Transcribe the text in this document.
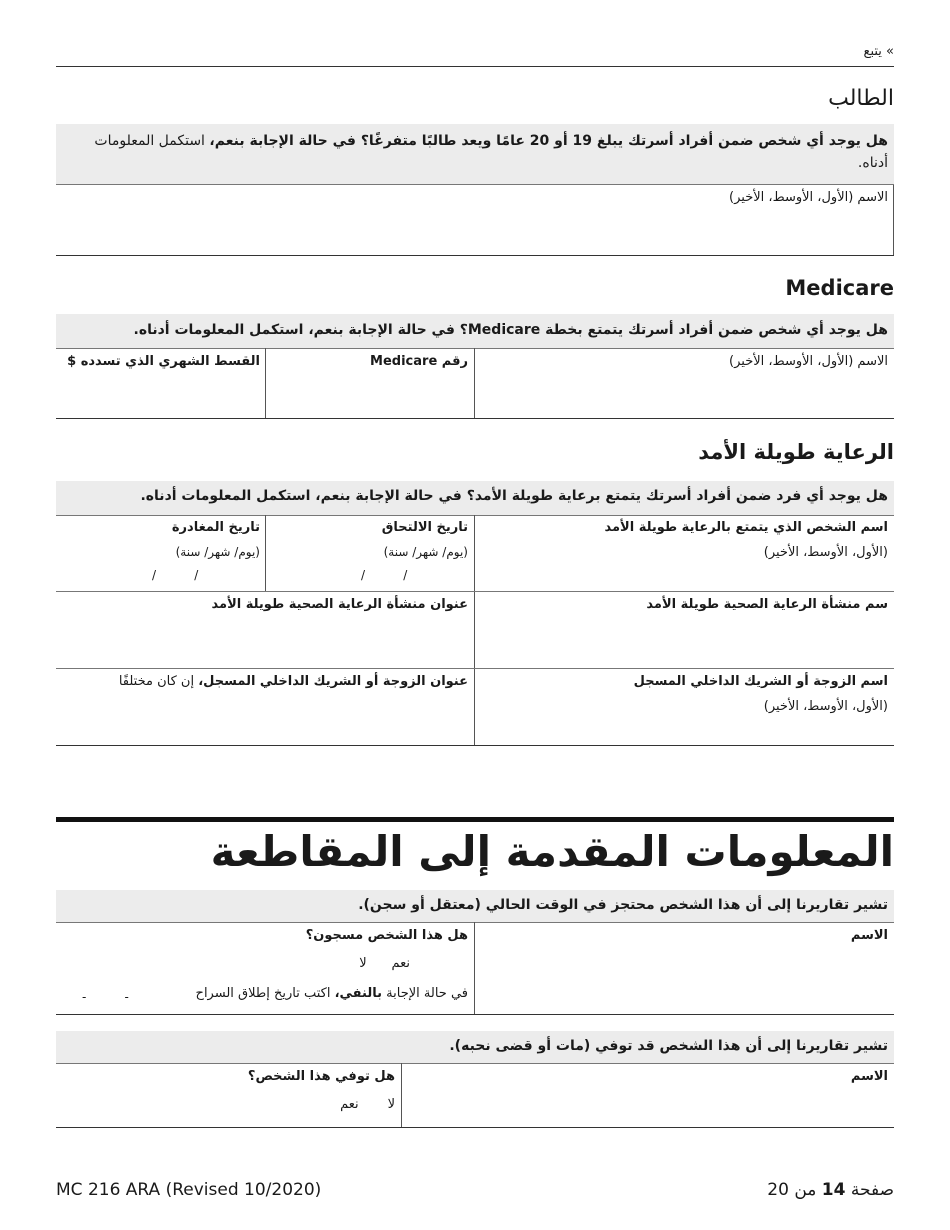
» يتبع
الطالب
هل يوجد أي شخص ضمن أفراد أسرتك يبلغ 19 أو 20 عامًا ويعد طالبًا متفرغًا؟ في حالة الإجابة بنعم، استكمل المعلومات أدناه.
الاسم (الأول، الأوسط، الأخير)
Medicare
هل يوجد أي شخص ضمن أفراد أسرتك يتمتع بخطة Medicare؟ في حالة الإجابة بنعم، استكمل المعلومات أدناه.
الاسم (الأول، الأوسط، الأخير)
رقم Medicare
القسط الشهري الذي تسدده $
الرعاية طويلة الأمد
هل يوجد أي فرد ضمن أفراد أسرتك يتمتع برعاية طويلة الأمد؟ في حالة الإجابة بنعم، استكمل المعلومات أدناه.
اسم الشخص الذي يتمتع بالرعاية طويلة الأمد
(الأول، الأوسط، الأخير)
تاريخ الالتحاق
(يوم/ شهر/ سنة)
/          /
تاريخ المغادرة
(يوم/ شهر/ سنة)
/          /
سم منشأة الرعاية الصحية طويلة الأمد
عنوان منشأة الرعاية الصحية طويلة الأمد
اسم الزوجة أو الشريك الداخلي المسجل
(الأول، الأوسط، الأخير)
عنوان الزوجة أو الشريك الداخلي المسجل، إن كان مختلفًا
المعلومات المقدمة إلى المقاطعة
تشير تقاريرنا إلى أن هذا الشخص محتجز في الوقت الحالي (معتقل أو سجن).
الاسم
هل هذا الشخص مسجون؟
نعم      لا
في حالة الإجابة بالنفي، اكتب تاريخ إطلاق السراح
-          -
تشير تقاريرنا إلى أن هذا الشخص قد توفي (مات أو قضى نحبه).
الاسم
هل توفي هذا الشخص؟
لا       نعم
MC 216 ARA (Revised 10/2020)	صفحة 14 من 20
